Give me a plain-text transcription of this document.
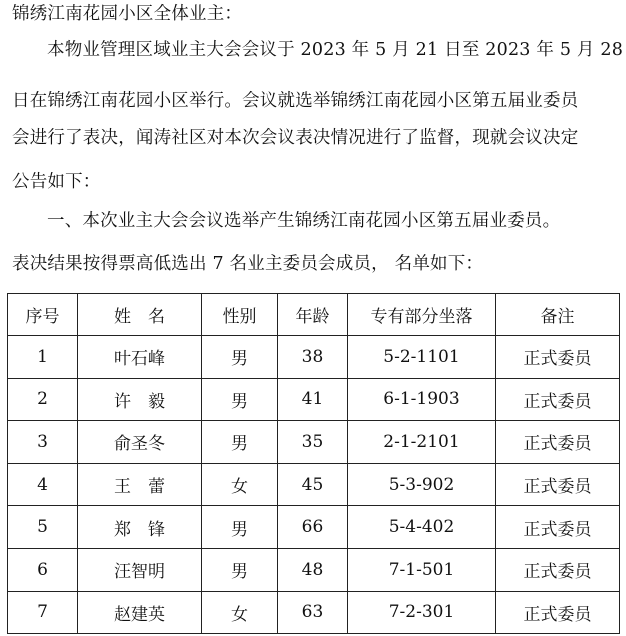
锦绣江南花园小区全体业主：
本物业管理区域业主大会会议于 2023 年 5 月 21 日至 2023 年 5 月 28
日在锦绣江南花园小区举行。会议就选举锦绣江南花园小区第五届业委员
会进行了表决，闻涛社区对本次会议表决情况进行了监督，现就会议决定
公告如下：
一、本次业主大会会议选举产生锦绣江南花园小区第五届业委员。
表决结果按得票高低选出 7 名业主委员会成员， 名单如下：
序号	姓　名	性别	年龄	专有部分坐落	备注
1	叶石峰	男	38	5-2-1101	正式委员
2	许　毅	男	41	6-1-1903	正式委员
3	俞圣冬	男	35	2-1-2101	正式委员
4	王　蕾	女	45	5-3-902	正式委员
5	郑　锋	男	66	5-4-402	正式委员
6	汪智明	男	48	7-1-501	正式委员
7	赵建英	女	63	7-2-301	正式委员
